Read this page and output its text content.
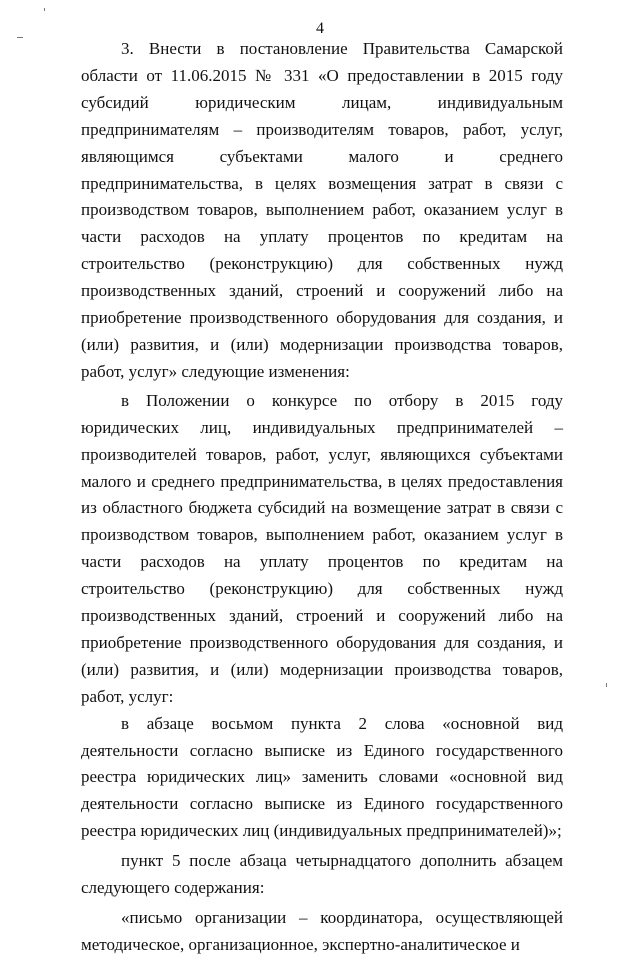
4

3. Внести в постановление Правительства Самарской области от 11.06.2015 № 331 «О предоставлении в 2015 году субсидий юридическим лицам, индивидуальным предпринимателям – производителям товаров, работ, услуг, являющимся субъектами малого и среднего предпринимательства, в целях возмещения затрат в связи с производством товаров, выполнением работ, оказанием услуг в части расходов на уплату процентов по кредитам на строительство (реконструкцию) для собственных нужд производственных зданий, строений и сооружений либо на приобретение производственного оборудования для создания, и (или) развития, и (или) модернизации производства товаров, работ, услуг» следующие изменения:

в Положении о конкурсе по отбору в 2015 году юридических лиц, индивидуальных предпринимателей – производителей товаров, работ, услуг, являющихся субъектами малого и среднего предпринимательства, в целях предоставления из областного бюджета субсидий на возмещение затрат в связи с производством товаров, выполнением работ, оказанием услуг в части расходов на уплату процентов по кредитам на строительство (реконструкцию) для собственных нужд производственных зданий, строений и сооружений либо на приобретение производственного оборудования для создания, и (или) развития, и (или) модернизации производства товаров, работ, услуг:

в абзаце восьмом пункта 2 слова «основной вид деятельности согласно выписке из Единого государственного реестра юридических лиц» заменить словами «основной вид деятельности согласно выписке из Единого государственного реестра юридических лиц (индивидуальных предпринимателей)»;

пункт 5 после абзаца четырнадцатого дополнить абзацем следующего содержания:

«письмо организации – координатора, осуществляющей методическое, организационное, экспертно-аналитическое и
